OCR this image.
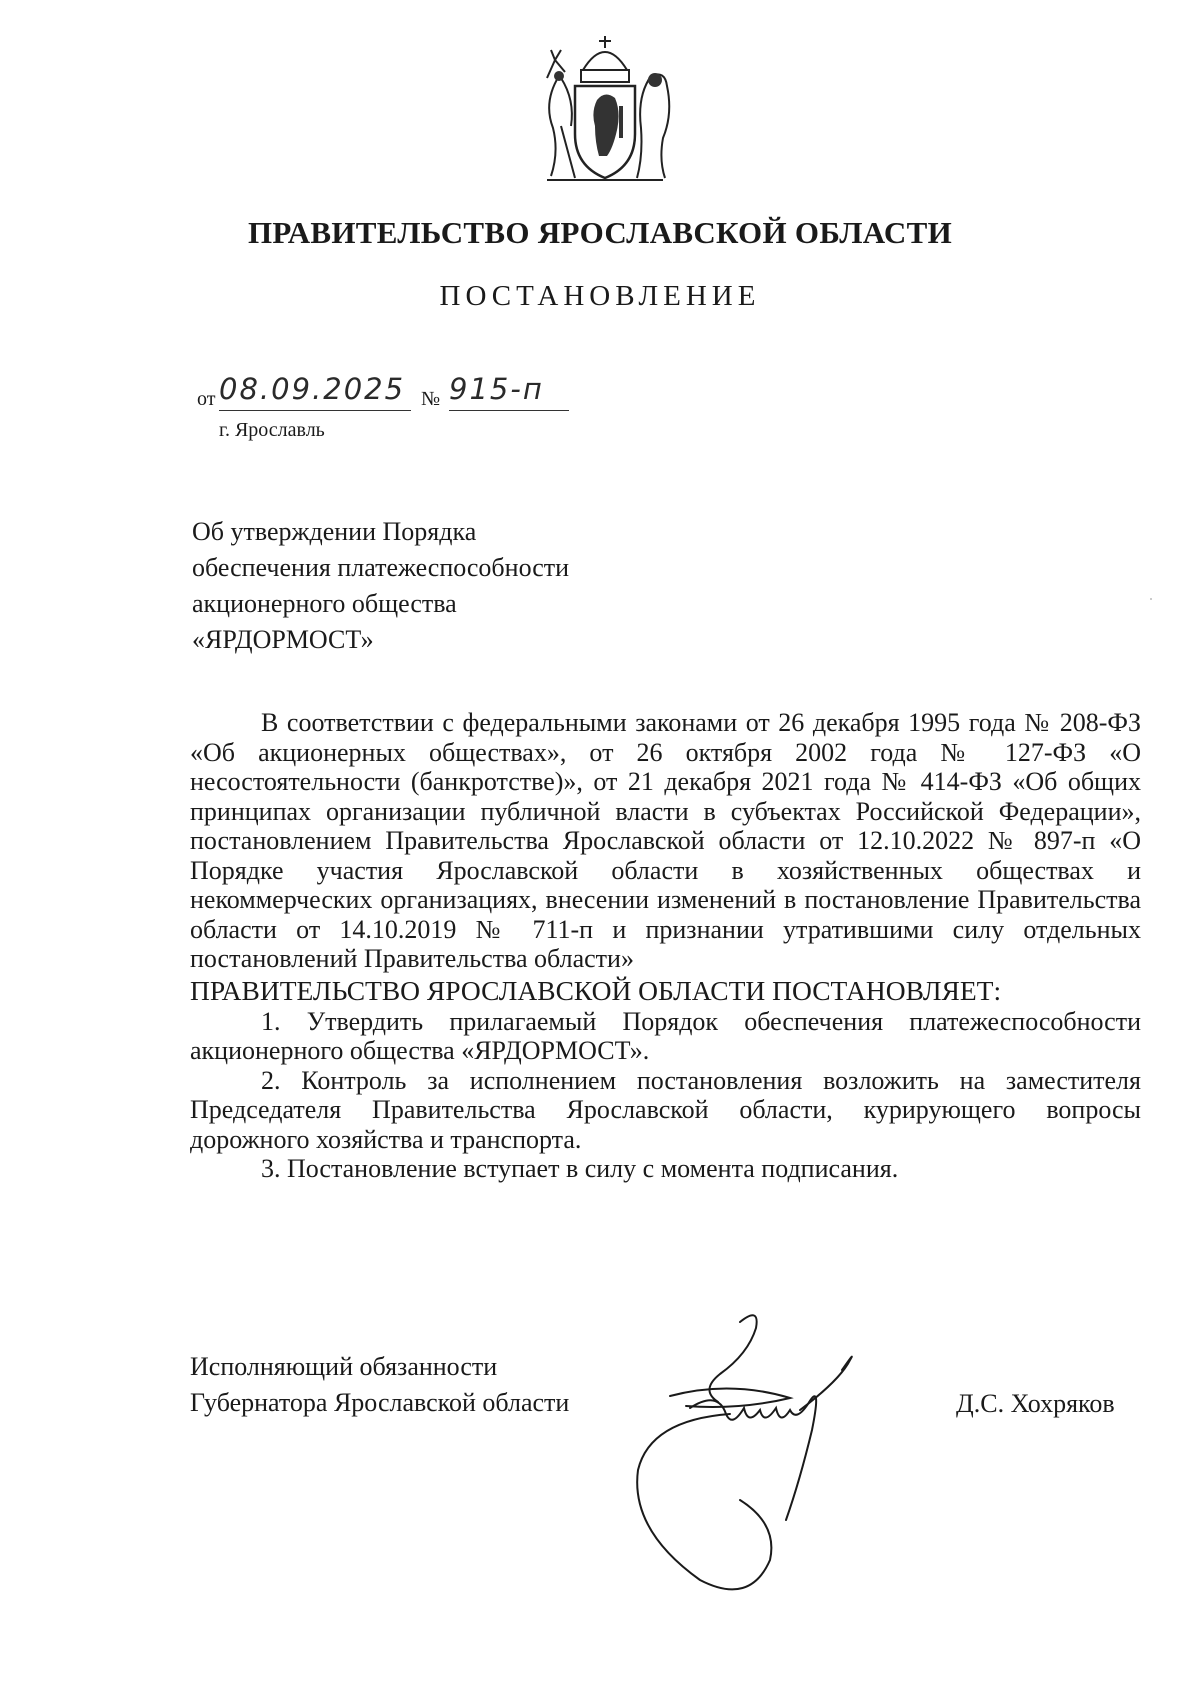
ПРАВИТЕЛЬСТВО ЯРОСЛАВСКОЙ ОБЛАСТИ
ПОСТАНОВЛЕНИЕ
от 08.09.2025 № 915-п
г. Ярославль
Об утверждении Порядка
обеспечения платежеспособности
акционерного общества
«ЯРДОРМОСТ»

В соответствии с федеральными законами от 26 декабря 1995 года № 208-ФЗ «Об акционерных обществах», от 26 октября 2002 года № 127-ФЗ «О несостоятельности (банкротстве)», от 21 декабря 2021 года № 414-ФЗ «Об общих принципах организации публичной власти в субъектах Российской Федерации», постановлением Правительства Ярославской области от 12.10.2022 № 897-п «О Порядке участия Ярославской области в хозяйственных обществах и некоммерческих организациях, внесении изменений в постановление Правительства области от 14.10.2019 № 711-п и признании утратившими силу отдельных постановлений Правительства области»

ПРАВИТЕЛЬСТВО ЯРОСЛАВСКОЙ ОБЛАСТИ ПОСТАНОВЛЯЕТ:

1. Утвердить прилагаемый Порядок обеспечения платежеспособности акционерного общества «ЯРДОРМОСТ».

2. Контроль за исполнением постановления возложить на заместителя Председателя Правительства Ярославской области, курирующего вопросы дорожного хозяйства и транспорта.

3. Постановление вступает в силу с момента подписания.

Исполняющий обязанности
Губернатора Ярославской области	Д.С. Хохряков
